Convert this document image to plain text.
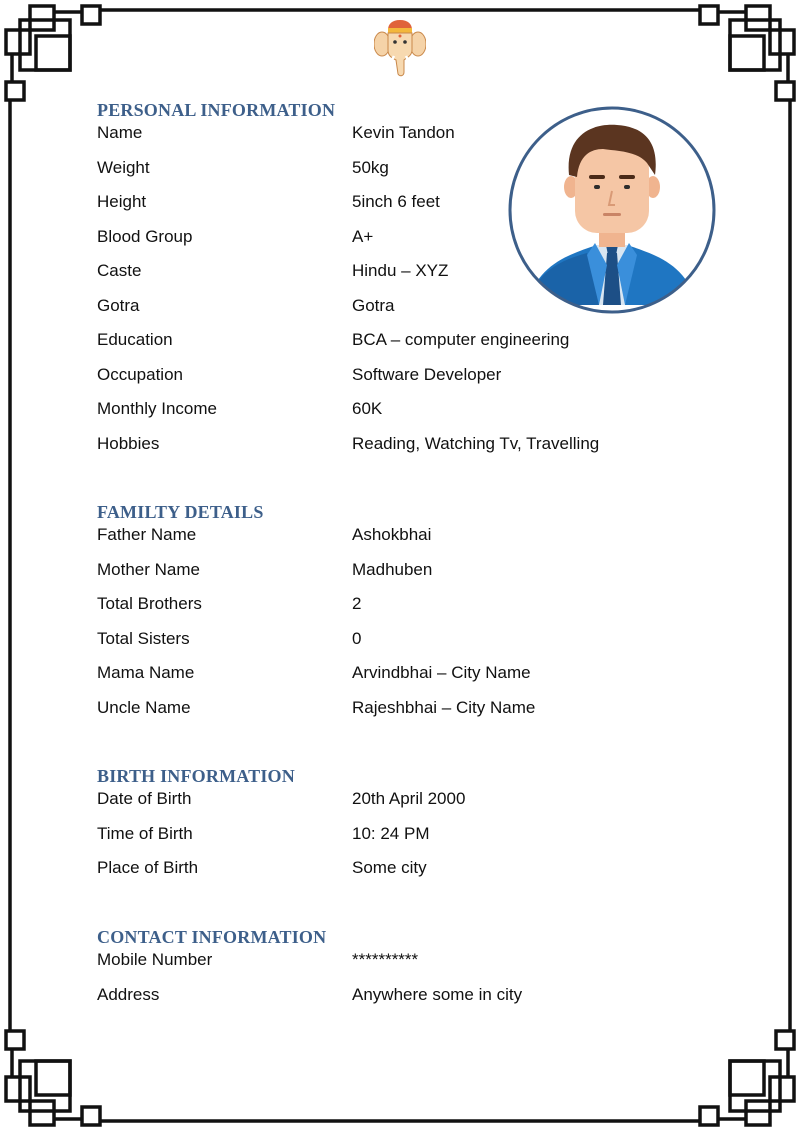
PERSONAL INFORMATION
Name	Kevin Tandon
Weight	50kg
Height	5inch 6 feet
Blood Group	A+
Caste	Hindu – XYZ
Gotra	Gotra
Education	BCA – computer engineering
Occupation	Software Developer
Monthly Income	60K
Hobbies	Reading, Watching Tv, Travelling
FAMILTY DETAILS
Father Name	Ashokbhai
Mother Name	Madhuben
Total Brothers	2
Total Sisters	0
Mama Name	Arvindbhai – City Name
Uncle Name	Rajeshbhai – City Name
BIRTH INFORMATION
Date of Birth	20th April 2000
Time of Birth	10: 24 PM
Place of Birth	Some city
CONTACT INFORMATION
Mobile Number	**********
Address	Anywhere some in city
